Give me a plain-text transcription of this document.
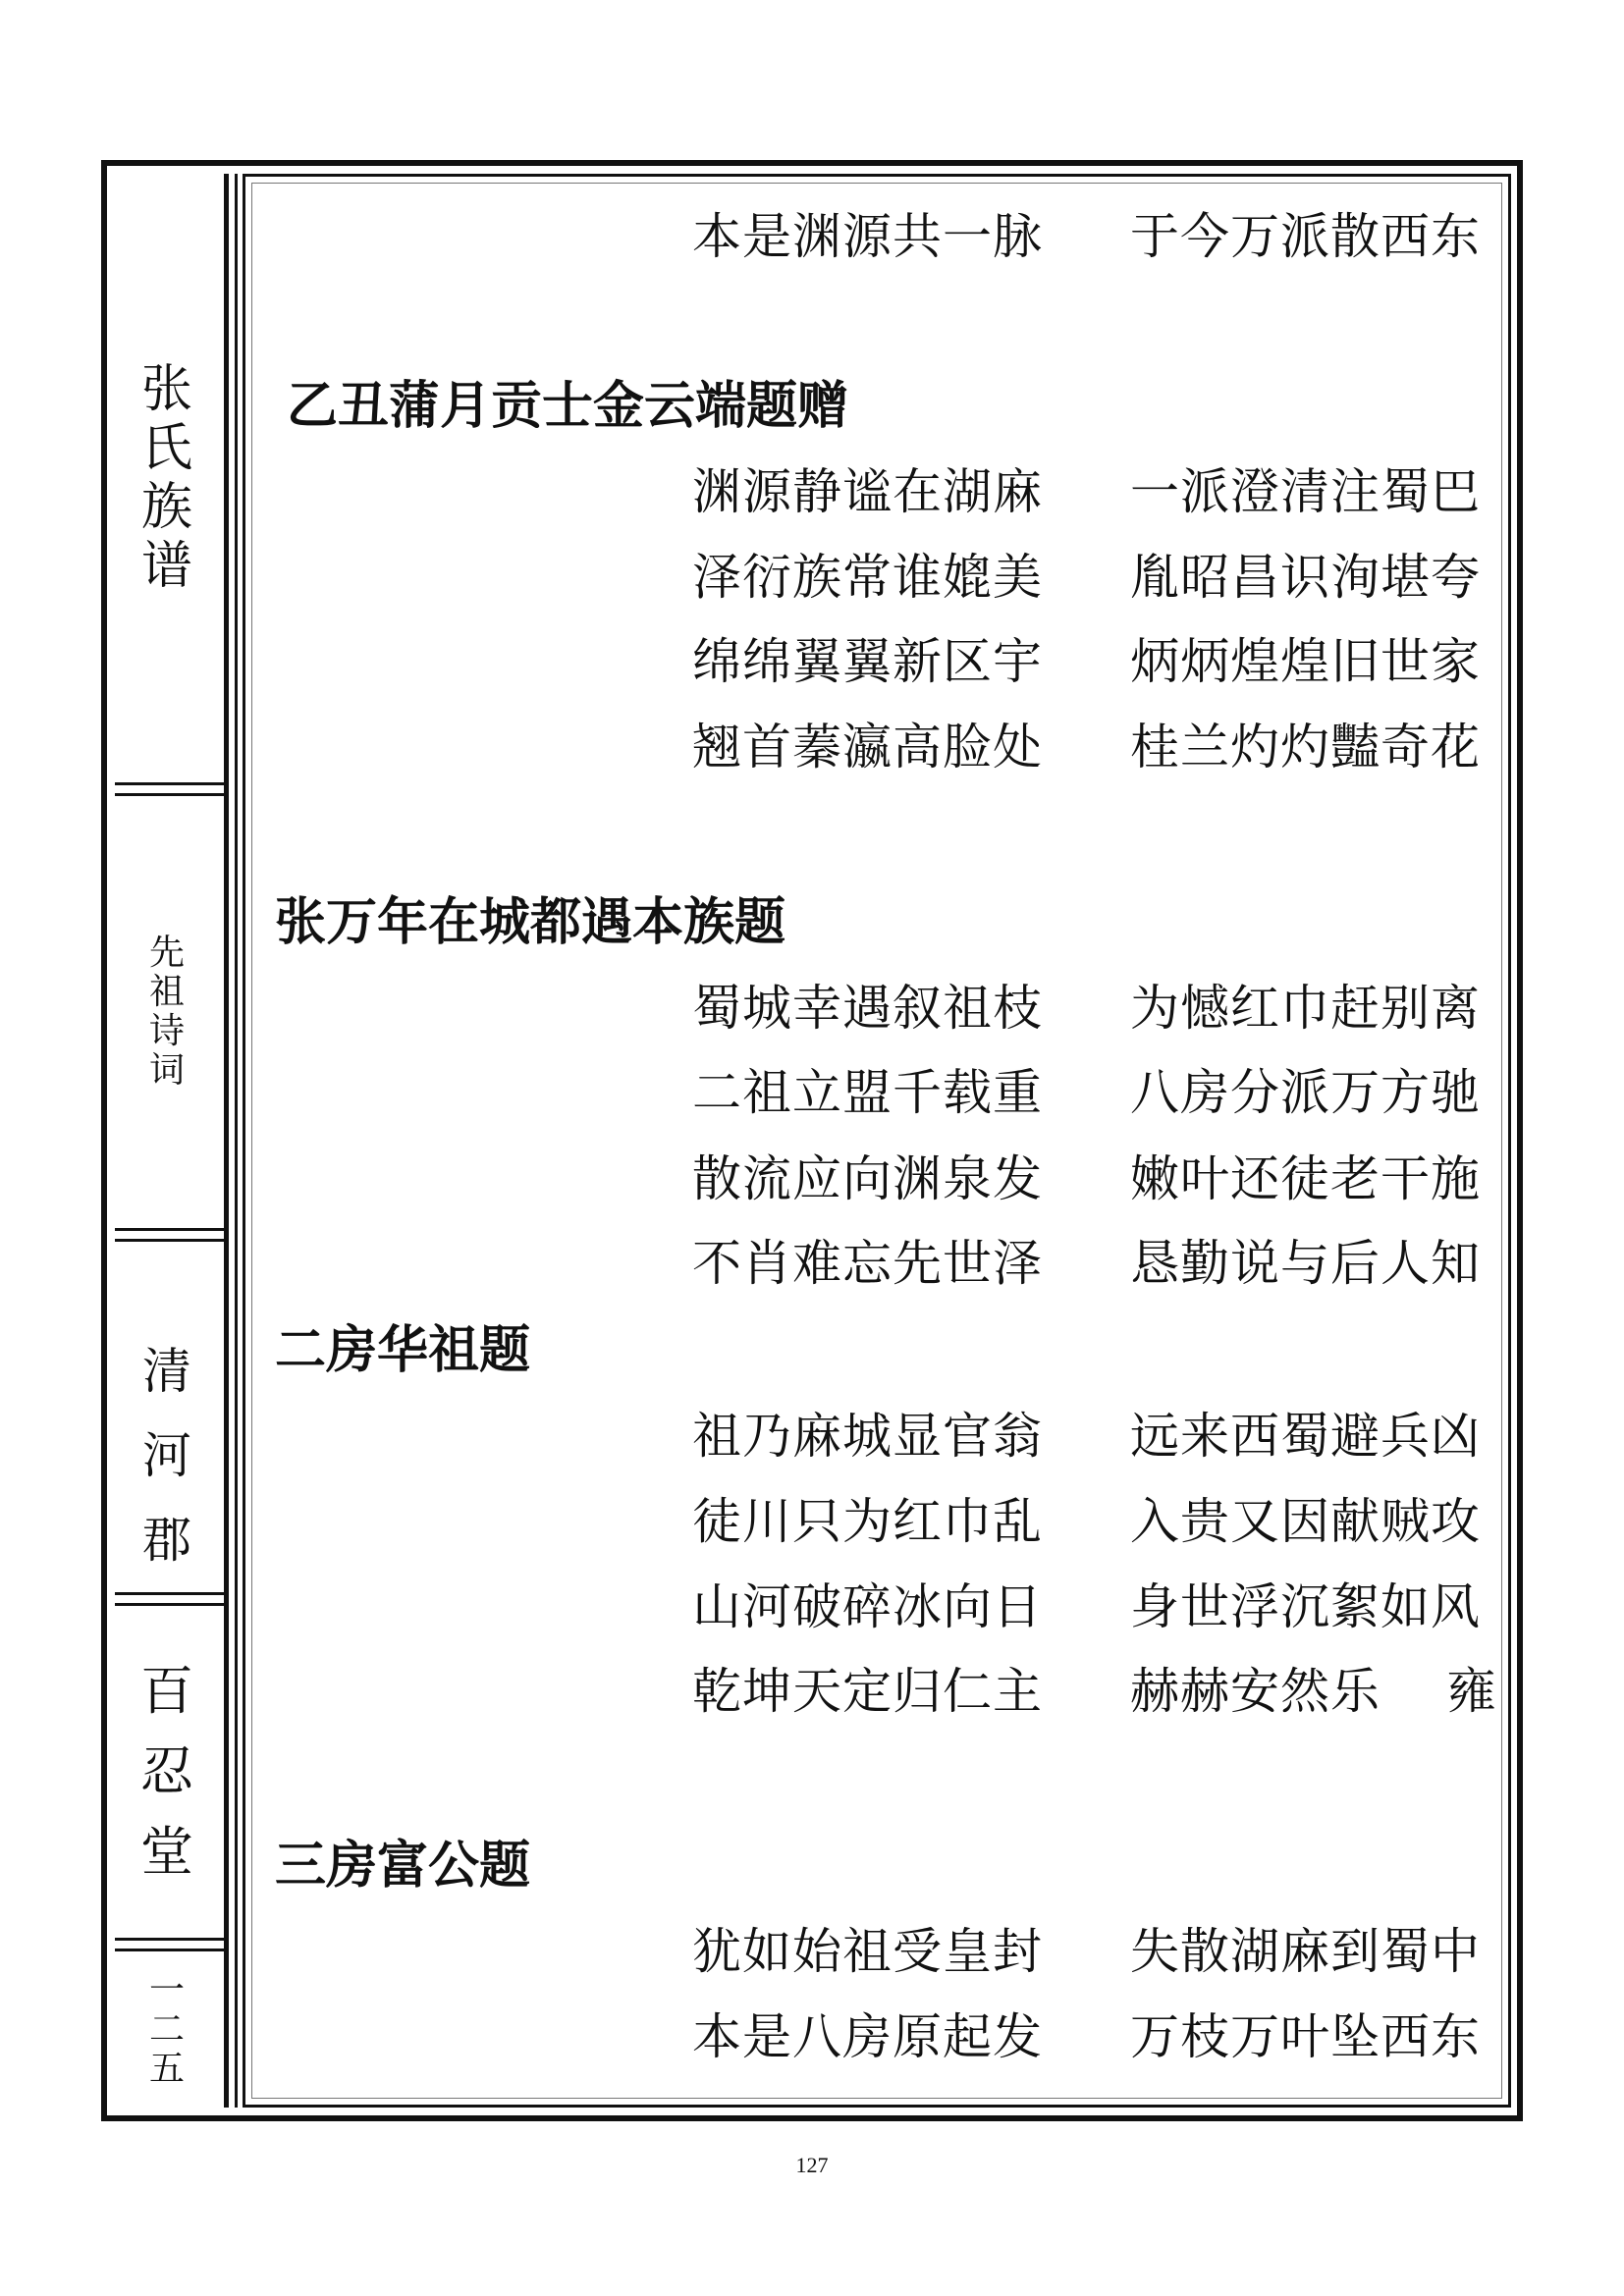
张
氏
族
谱
先
祖
诗
词
清
河
郡
百
忍
堂
一
二
五
本是渊源共一脉 于今万派散西东
乙丑蒲月贡士金云端题赠
渊源静谧在湖麻 一派澄清注蜀巴
泽衍族常谁媲美 胤昭昌识洵堪夸
绵绵翼翼新区宇 炳炳煌煌旧世家
翘首蓁瀛高脸处 桂兰灼灼豔奇花
张万年在城都遇本族题
蜀城幸遇叙祖枝 为憾红巾赶别离
二祖立盟千载重 八房分派万方驰
散流应向渊泉发 嫩叶还徒老干施
不肖难忘先世泽 恳勤说与后人知
二房华祖题
祖乃麻城显官翁 远来西蜀避兵凶
徒川只为红巾乱 入贵又因献贼攻
山河破碎冰向日 身世浮沉絮如风
乾坤天定归仁主 赫赫安然乐    雍
三房富公题
犹如始祖受皇封 失散湖麻到蜀中
本是八房原起发 万枝万叶坠西东
127
